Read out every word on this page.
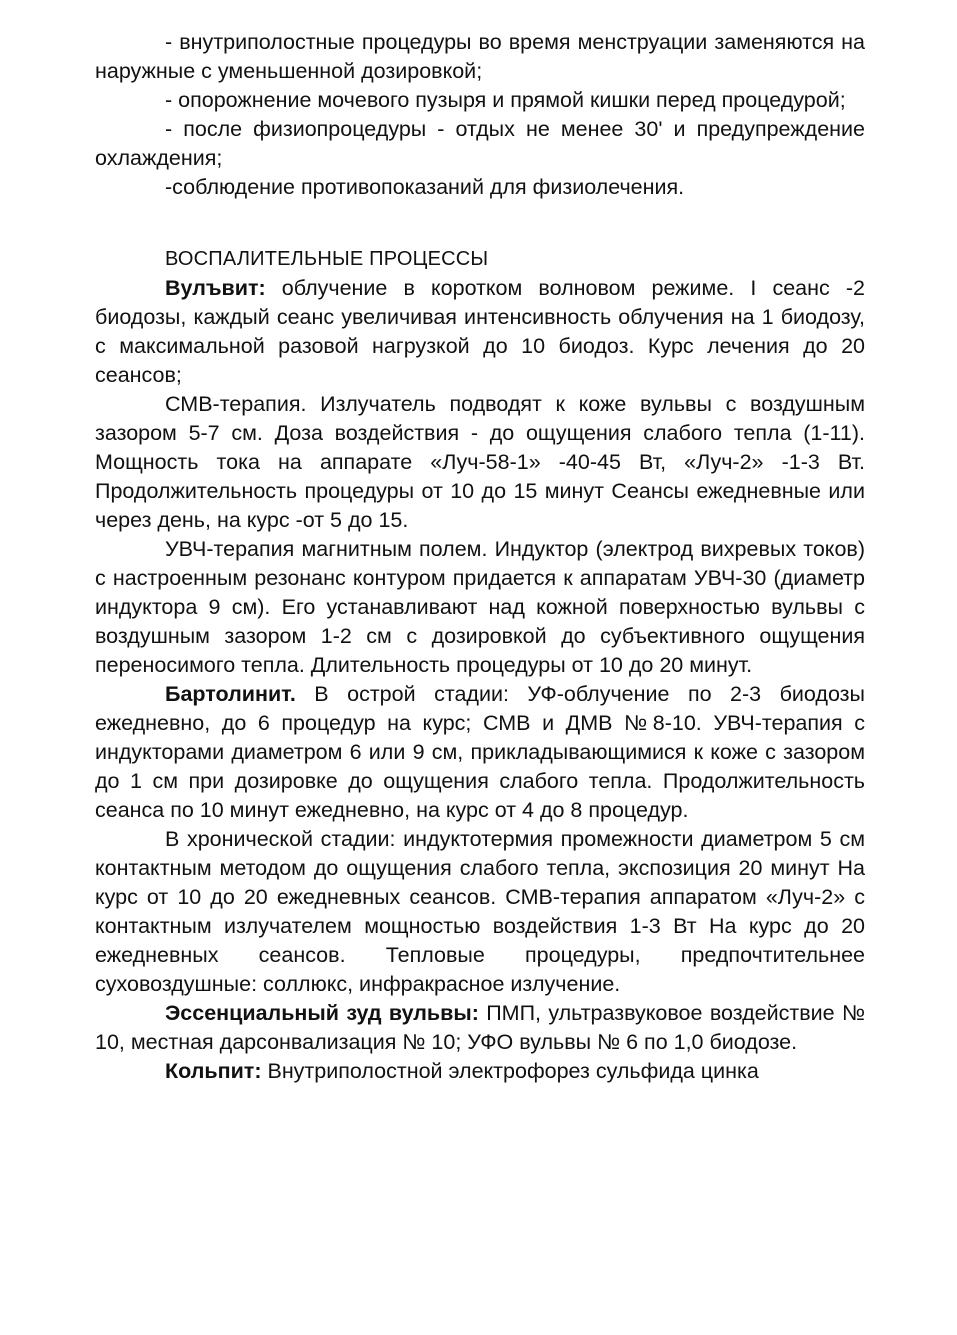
- внутриполостные процедуры во время менструации заменяются на наружные с уменьшенной дозировкой;

- опорожнение мочевого пузыря и прямой кишки перед процедурой;

- после физиопроцедуры - отдых не менее 30' и предупреждение охлаждения;

-соблюдение противопоказаний для физиолечения.

ВОСПАЛИТЕЛЬНЫЕ ПРОЦЕССЫ

Вулъвит: облучение в коротком волновом режиме. I сеанс -2 биодозы, каждый сеанс увеличивая интенсивность облучения на 1 биодозу, с максимальной разовой нагрузкой до 10 биодоз. Курс лечения до 20 сеансов;

СМВ-терапия. Излучатель подводят к коже вульвы с воздушным зазором 5-7 см. Доза воздействия - до ощущения слабого тепла (1-11). Мощность тока на аппарате «Луч-58-1» -40-45 Вт, «Луч-2» -1-3 Вт. Продолжительность процедуры от 10 до 15 минут Сеансы ежедневные или через день, на курс -от 5 до 15.

УВЧ-терапия магнитным полем. Индуктор (электрод вихревых токов) с настроенным резонанс контуром придается к аппаратам УВЧ-30 (диаметр индуктора 9 см). Его устанавливают над кожной поверхностью вульвы с воздушным зазором 1-2 см с дозировкой до субъективного ощущения переносимого тепла. Длительность процедуры от 10 до 20 минут.

Бартолинит. В острой стадии: УФ-облучение по 2-3 биодозы ежедневно, до 6 процедур на курс; СМВ и ДМВ №8-10. УВЧ-терапия с индукторами диаметром 6 или 9 см, прикладывающимися к коже с зазором до 1 см при дозировке до ощущения слабого тепла. Продолжительность сеанса по 10 минут ежедневно, на курс от 4 до 8 процедур.

В хронической стадии: индуктотермия промежности диаметром 5 см контактным методом до ощущения слабого тепла, экспозиция 20 минут На курс от 10 до 20 ежедневных сеансов. СМВ-терапия аппаратом «Луч-2» с контактным излучателем мощностью воздействия 1-3 Вт На курс до 20 ежедневных сеансов. Тепловые процедуры, предпочтительнее суховоздушные: соллюкс, инфракрасное излучение.

Эссенциальный зуд вульвы: ПМП, ультразвуковое воздействие № 10, местная дарсонвализация № 10; УФО вульвы № 6 по 1,0 биодозе.

Кольпит: Внутриполостной электрофорез сульфида цинка
